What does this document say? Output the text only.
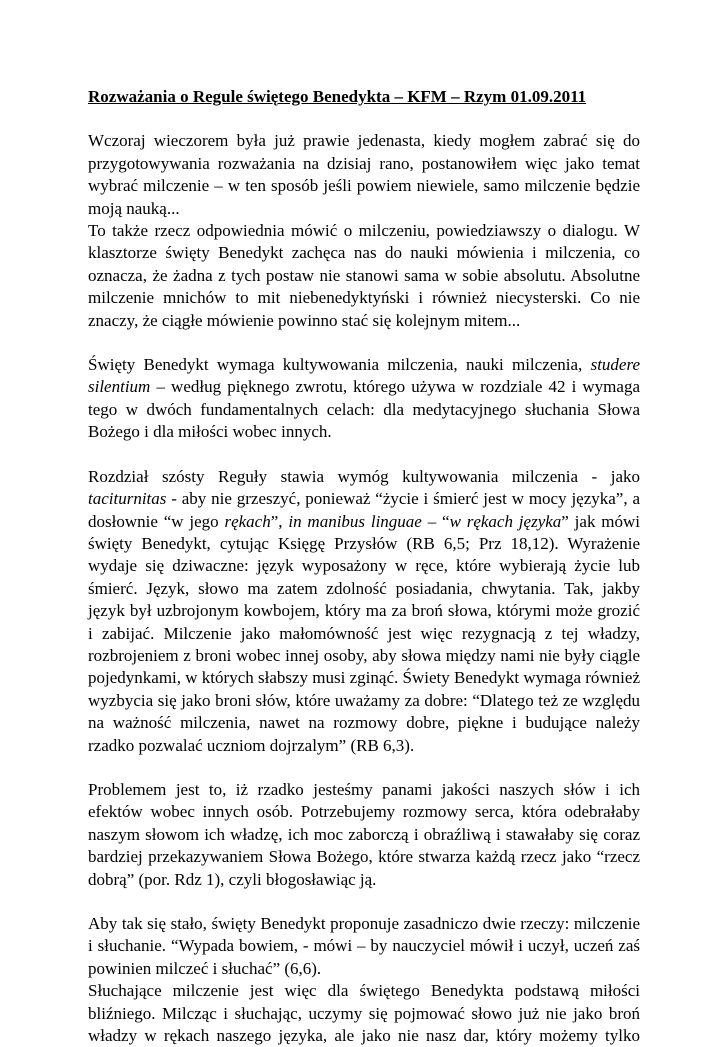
Rozważania o Regule świętego Benedykta – KFM – Rzym 01.09.2011

Wczoraj wieczorem była już prawie jedenasta, kiedy mogłem zabrać się do przygotowywania rozważania na dzisiaj rano, postanowiłem więc jako temat wybrać milczenie – w ten sposób jeśli powiem niewiele, samo milczenie będzie moją nauką...

To także rzecz odpowiednia mówić o milczeniu, powiedziawszy o dialogu. W klasztorze święty Benedykt zachęca nas do nauki mówienia i milczenia, co oznacza, że żadna z tych postaw nie stanowi sama w sobie absolutu. Absolutne milczenie mnichów to mit niebenedyktyński i również niecysterski. Co nie znaczy, że ciągłe mówienie powinno stać się kolejnym mitem...

Święty Benedykt wymaga kultywowania milczenia, nauki milczenia, studere silentium – według pięknego zwrotu, którego używa w rozdziale 42 i wymaga tego w dwóch fundamentalnych celach: dla medytacyjnego słuchania Słowa Bożego i dla miłości wobec innych.

Rozdział szósty Reguły stawia wymóg kultywowania milczenia - jako taciturnitas - aby nie grzeszyć, ponieważ “życie i śmierć jest w mocy języka”, a dosłownie “w jego rękach”, in manibus linguae – “w rękach języka” jak mówi święty Benedykt, cytując Księgę Przysłów (RB 6,5; Prz 18,12). Wyrażenie wydaje się dziwaczne: język wyposażony w ręce, które wybierają życie lub śmierć. Język, słowo ma zatem zdolność posiadania, chwytania. Tak, jakby język był uzbrojonym kowbojem, który ma za broń słowa, którymi może grozić i zabijać. Milczenie jako małomówność jest więc rezygnacją z tej władzy, rozbrojeniem z broni wobec innej osoby, aby słowa między nami nie były ciągle pojedynkami, w których słabszy musi zginąć. Świety Benedykt wymaga również wyzbycia się jako broni słów, które uważamy za dobre: “Dlatego też ze względu na ważność milczenia, nawet na rozmowy dobre, piękne i budujące należy rzadko pozwalać uczniom dojrzalym” (RB 6,3).

Problemem jest to, iż rzadko jesteśmy panami jakości naszych słów i ich efektów wobec innych osób. Potrzebujemy rozmowy serca, która odebrałaby naszym słowom ich władzę, ich moc zaborczą i obraźliwą i stawałaby się coraz bardziej przekazywaniem Słowa Bożego, które stwarza każdą rzecz jako “rzecz dobrą” (por. Rdz 1), czyli błogosławiąc ją.

Aby tak się stało, święty Benedykt proponuje zasadniczo dwie rzeczy: milczenie i słuchanie. “Wypada bowiem, - mówi – by nauczyciel mówił i uczył, uczeń zaś powinien milczeć i słuchać” (6,6).

Słuchające milczenie jest więc dla świętego Benedykta podstawą miłości bliźniego. Milcząc i słuchając, uczymy się pojmować słowo już nie jako broń władzy w rękach naszego języka, ale jako nie nasz dar, który możemy tylko
